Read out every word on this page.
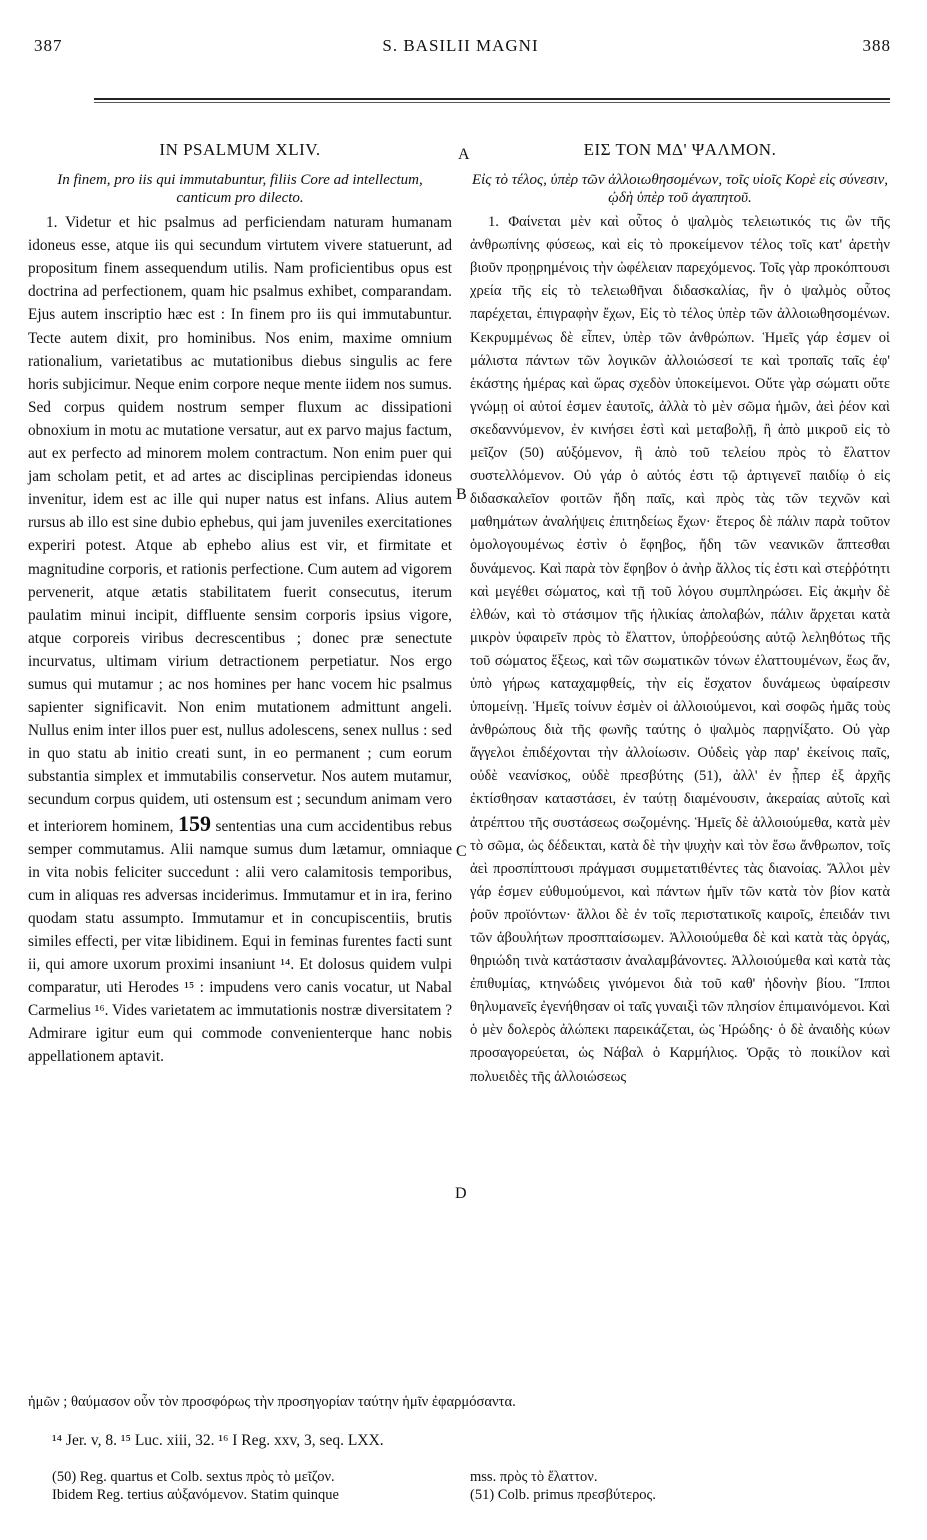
387	S. BASILII MAGNI	388
IN PSALMUM XLIV.
In finem, pro iis qui immutabuntur, filiis Core ad intellectum, canticum pro dilecto.

1. Videtur et hic psalmus ad perficiendam naturam humanam idoneus esse, atque iis qui secundum virtutem vivere statuerunt, ad propositum finem assequendum utilis. Nam proficientibus opus est doctrina ad perfectionem, quam hic psalmus exhibet, comparandam. Ejus autem inscriptio hæc est : In finem pro iis qui immutabuntur. Tecte autem dixit, pro hominibus. Nos enim, maxime omnium rationalium, varietatibus ac mutationibus diebus singulis ac fere horis subjicimur. Neque enim corpore neque mente iidem nos sumus. Sed corpus quidem nostrum semper fluxum ac dissipationi obnoxium in motu ac mutatione versatur, aut ex parvo majus factum, aut ex perfecto ad minorem molem contractum. Non enim puer qui jam scholam petit, et ad artes ac disciplinas percipiendas idoneus invenitur, idem est ac ille qui nuper natus est infans. Alius autem rursus ab illo est sine dubio ephebus, qui jam juveniles exercitationes experiri potest. Atque ab ephebo alius est vir, et firmitate et magnitudine corporis, et rationis perfectione. Cum autem ad vigorem pervenerit, atque ætatis stabilitatem fuerit consecutus, iterum paulatim minui incipit, diffluente sensim corporis ipsius vigore, atque corporeis viribus decrescentibus ; donec præ senectute incurvatus, ultimam virium detractionem perpetiatur. Nos ergo sumus qui mutamur ; ac nos homines per hanc vocem hic psalmus sapienter significavit. Non enim mutationem admittunt angeli. Nullus enim inter illos puer est, nullus adolescens, senex nullus : sed in quo statu ab initio creati sunt, in eo permanent ; cum eorum substantia simplex et immutabilis conservetur. Nos autem mutamur, secundum corpus quidem, uti ostensum est ; secundum animam vero et interiorem hominem, 159 sententias una cum accidentibus rebus semper commutamus. Alii namque sumus dum lætamur, omniaque in vita nobis feliciter succedunt : alii vero calamitosis temporibus, cum in aliquas res adversas inciderimus. Immutamur et in ira, ferino quodam statu assumpto. Immutamur et in concupiscentiis, brutis similes effecti, per vitæ libidinem. Equi in feminas furentes facti sunt ii, qui amore uxorum proximi insaniunt ¹⁴. Et dolosus quidem vulpi comparatur, uti Herodes ¹⁵ : impudens vero canis vocatur, ut Nabal Carmelius ¹⁶. Vides varietatem ac immutationis nostræ diversitatem ? Admirare igitur eum qui commode convenienterque hanc nobis appellationem aptavit.

A
B
C
D
ΕΙΣ ΤΟΝ ΜΔ' ΨΑΛΜΟΝ.
Εἰς τὸ τέλος, ὑπὲρ τῶν ἀλλοιωθησομένων, τοῖς υἱοῖς Κορὲ εἰς σύνεσιν, ᾠδὴ ὑπὲρ τοῦ ἀγαπητοῦ.

1. Φαίνεται μὲν καὶ οὗτος ὁ ψαλμὸς τελειωτικός τις ὢν τῆς ἀνθρωπίνης φύσεως, καὶ εἰς τὸ προκείμενον τέλος τοῖς κατ' ἀρετὴν βιοῦν προῃρημένοις τὴν ὠφέλειαν παρεχόμενος. Τοῖς γὰρ προκόπτουσι χρεία τῆς εἰς τὸ τελειωθῆναι διδασκαλίας, ἣν ὁ ψαλμὸς οὗτος παρέχεται, ἐπιγραφὴν ἔχων, Εἰς τὸ τέλος ὑπὲρ τῶν ἀλλοιωθησομένων. Κεκρυμμένως δὲ εἶπεν, ὑπὲρ τῶν ἀνθρώπων. Ἡμεῖς γάρ ἐσμεν οἱ μάλιστα πάντων τῶν λογικῶν ἀλλοιώσεσί τε καὶ τροπαῖς ταῖς ἐφ' ἑκάστης ἡμέρας καὶ ὥρας σχεδὸν ὑποκείμενοι. Οὔτε γὰρ σώματι οὔτε γνώμῃ οἱ αὐτοί ἐσμεν ἑαυτοῖς, ἀλλὰ τὸ μὲν σῶμα ἡμῶν, ἀεὶ ῥέον καὶ σκεδαννύμενον, ἐν κινήσει ἐστὶ καὶ μεταβολῇ, ἢ ἀπὸ μικροῦ εἰς τὸ μεῖζον (50) αὐξόμενον, ἢ ἀπὸ τοῦ τελείου πρὸς τὸ ἔλαττον συστελλόμενον. Οὐ γάρ ὁ αὐτός ἐστι τῷ ἀρτιγενεῖ παιδίῳ ὁ εἰς διδασκαλεῖον φοιτῶν ἤδη παῖς, καὶ πρὸς τὰς τῶν τεχνῶν καὶ μαθημάτων ἀναλήψεις ἐπιτηδείως ἔχων· ἕτερος δὲ πάλιν παρὰ τοῦτον ὁμολογουμένως ἐστὶν ὁ ἔφηβος, ἤδη τῶν νεανικῶν ἅπτεσθαι δυνάμενος. Καὶ παρὰ τὸν ἔφηβον ὁ ἀνὴρ ἄλλος τίς ἐστι καὶ στεῤῥότητι καὶ μεγέθει σώματος, καὶ τῇ τοῦ λόγου συμπληρώσει. Εἰς ἀκμὴν δὲ ἐλθών, καὶ τὸ στάσιμον τῆς ἡλικίας ἀπολαβών, πάλιν ἄρχεται κατὰ μικρὸν ὑφαιρεῖν πρὸς τὸ ἔλαττον, ὑποῤῥεούσης αὐτῷ λεληθότως τῆς τοῦ σώματος ἕξεως, καὶ τῶν σωματικῶν τόνων ἐλαττουμένων, ἕως ἄν, ὑπὸ γήρως καταχαμφθείς, τὴν εἰς ἔσχατον δυνάμεως ὑφαίρεσιν ὑπομείνῃ. Ἡμεῖς τοίνυν ἐσμὲν οἱ ἀλλοιούμενοι, καὶ σοφῶς ἡμᾶς τοὺς ἀνθρώπους διὰ τῆς φωνῆς ταύτης ὁ ψαλμὸς παρῃνίξατο. Οὐ γὰρ ἄγγελοι ἐπιδέχονται τὴν ἀλλοίωσιν. Οὐδεὶς γὰρ παρ' ἐκείνοις παῖς, οὐδὲ νεανίσκος, οὐδὲ πρεσβύτης (51), ἀλλ' ἐν ᾗπερ ἐξ ἀρχῆς ἐκτίσθησαν καταστάσει, ἐν ταύτῃ διαμένουσιν, ἀκεραίας αὐτοῖς καὶ ἀτρέπτου τῆς συστάσεως σωζομένης. Ἡμεῖς δὲ ἀλλοιούμεθα, κατὰ μὲν τὸ σῶμα, ὡς δέδεικται, κατὰ δὲ τὴν ψυχὴν καὶ τὸν ἔσω ἄνθρωπον, τοῖς ἀεὶ προσπίπτουσι πράγμασι συμμετατιθέντες τὰς διανοίας. Ἄλλοι μὲν γάρ ἐσμεν εὐθυμούμενοι, καὶ πάντων ἡμῖν τῶν κατὰ τὸν βίον κατὰ ῥοῦν προϊόντων· ἄλλοι δὲ ἐν τοῖς περιστατικοῖς καιροῖς, ἐπειδάν τινι τῶν ἀβουλήτων προσπταίσωμεν. Ἀλλοιούμεθα δὲ καὶ κατὰ τὰς ὀργάς, θηριώδη τινὰ κατάστασιν ἀναλαμβάνοντες. Ἀλλοιούμεθα καὶ κατὰ τὰς ἐπιθυμίας, κτηνώδεις γινόμενοι διὰ τοῦ καθ' ἡδονὴν βίου. Ἵπποι θηλυμανεῖς ἐγενήθησαν οἱ ταῖς γυναιξὶ τῶν πλησίον ἐπιμαινόμενοι. Καὶ ὁ μὲν δολερὸς ἀλώπεκι παρεικάζεται, ὡς Ἡρώδης· ὁ δὲ ἀναιδὴς κύων προσαγορεύεται, ὡς Νάβαλ ὁ Καρμήλιος. Ὁρᾷς τὸ ποικίλον καὶ πολυειδὲς τῆς ἀλλοιώσεως

ἡμῶν ; θαύμασον οὖν τὸν προσφόρως τὴν προσηγορίαν ταύτην ἡμῖν ἐφαρμόσαντα.
¹⁴ Jer. v, 8. ¹⁵ Luc. xiii, 32. ¹⁶ I Reg. xxv, 3, seq. LXX.
(50) Reg. quartus et Colb. sextus πρὸς τὸ μεῖζον.
Ibidem Reg. tertius αὐξανόμενον. Statim quinque
mss. πρὸς τὸ ἔλαττον.
(51) Colb. primus πρεσβύτερος.
